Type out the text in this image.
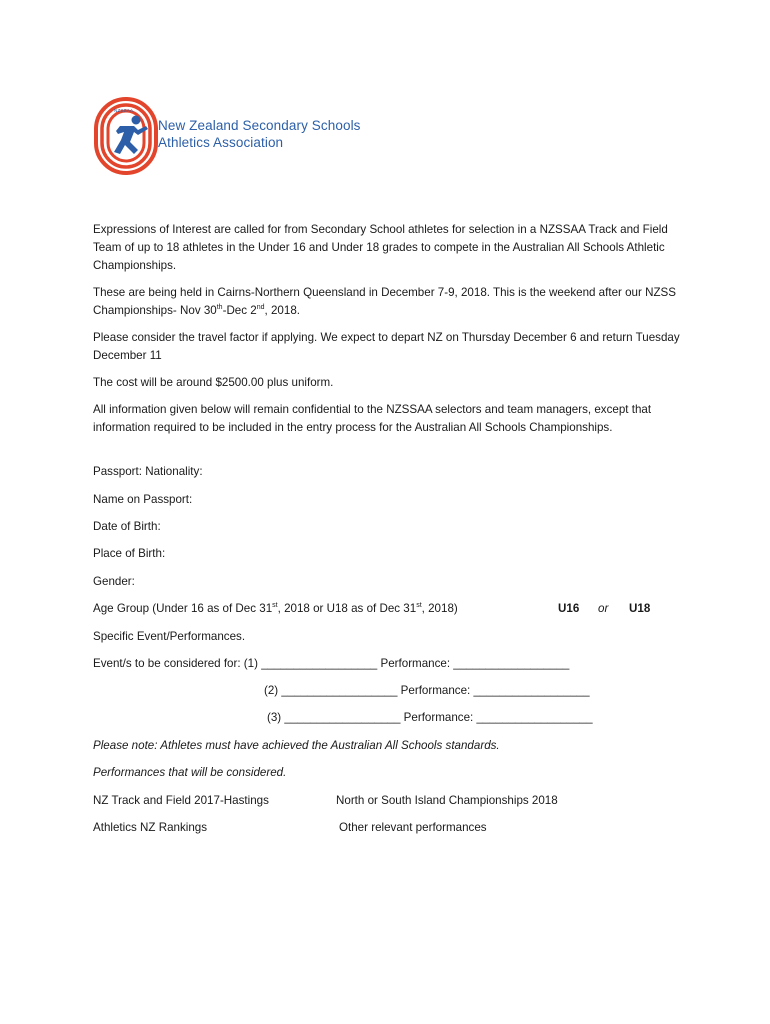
NZSSAA
New Zealand Secondary Schools
Athletics Association

Expressions of Interest are called for from Secondary School athletes for selection in a NZSSAA Track and Field Team of up to 18 athletes in the Under 16 and Under 18 grades to compete in the Australian All Schools Athletic Championships.

These are being held in Cairns-Northern Queensland in December 7-9, 2018. This is the weekend after our NZSS Championships- Nov 30th-Dec 2nd, 2018.

Please consider the travel factor if applying. We expect to depart NZ on Thursday December 6 and return Tuesday December 11

The cost will be around $2500.00 plus uniform.

All information given below will remain confidential to the NZSSAA selectors and team managers, except that information required to be included in the entry process for the Australian All Schools Championships.

Passport: Nationality:
Name on Passport:
Date of Birth:
Place of Birth:
Gender:
Age Group (Under 16 as of Dec 31st, 2018 or U18 as of Dec 31st, 2018)	U16	or	U18
Specific Event/Performances.
Event/s to be considered for: (1) __________________ Performance: __________________
(2) __________________ Performance: __________________
(3) __________________ Performance: __________________
Please note: Athletes must have achieved the Australian All Schools standards.
Performances that will be considered.
NZ Track and Field 2017-Hastings	North or South Island Championships 2018
Athletics NZ Rankings	Other relevant performances
